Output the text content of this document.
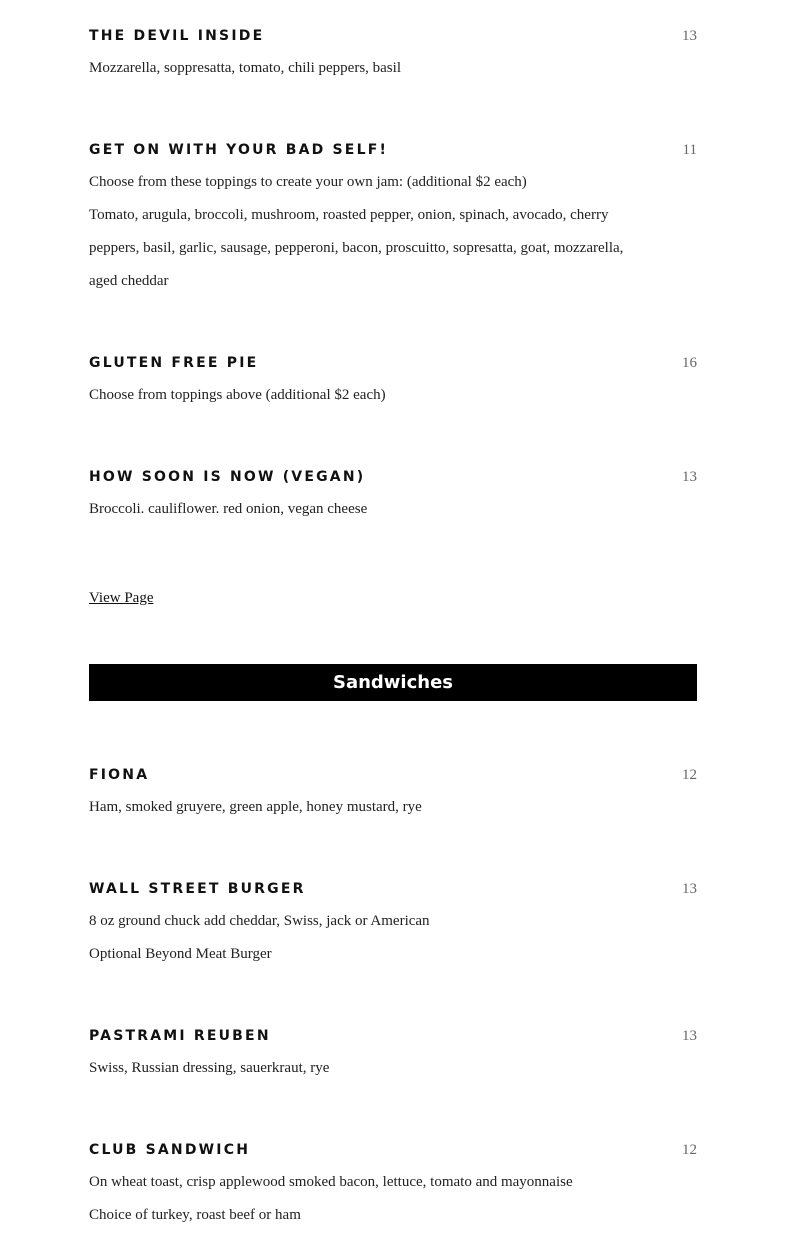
THE DEVIL INSIDE	13

Mozzarella, soppresatta, tomato, chili peppers, basil

GET ON WITH YOUR BAD SELF!	11

Choose from these toppings to create your own jam: (additional $2 each)

Tomato, arugula, broccoli, mushroom, roasted pepper, onion, spinach, avocado, cherry

peppers, basil, garlic, sausage, pepperoni, bacon, proscuitto, sopresatta, goat, mozzarella,

aged cheddar

GLUTEN FREE PIE	16

Choose from toppings above (additional $2 each)

HOW SOON IS NOW (VEGAN)	13

Broccoli. cauliflower. red onion, vegan cheese

View Page
Sandwiches
FIONA	12

Ham, smoked gruyere, green apple, honey mustard, rye

WALL STREET BURGER	13

8 oz ground chuck add cheddar, Swiss, jack or American

Optional Beyond Meat Burger

PASTRAMI REUBEN	13

Swiss, Russian dressing, sauerkraut, rye

CLUB SANDWICH	12

On wheat toast, crisp applewood smoked bacon, lettuce, tomato and mayonnaise

Choice of turkey, roast beef or ham
